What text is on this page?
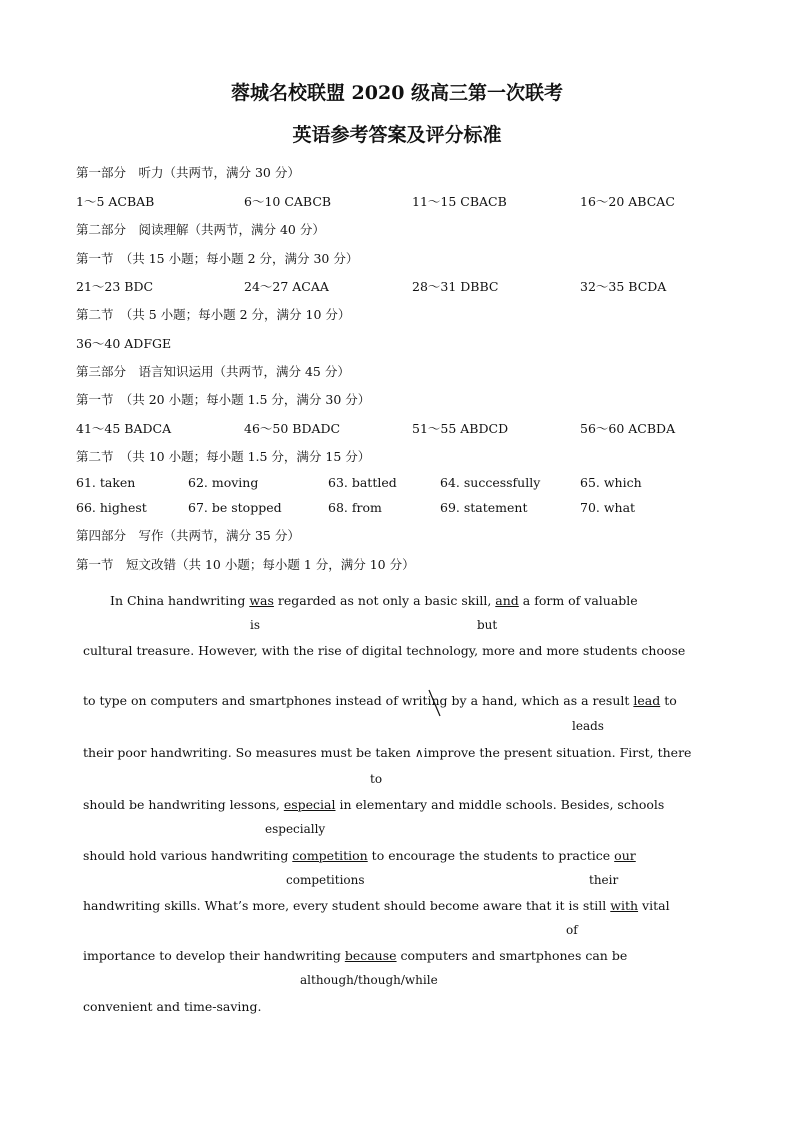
蓉城名校联盟 2020 级高三第一次联考
英语参考答案及评分标准
第一部分　听力（共两节，满分 30 分）
1～5 ACBAB	6～10 CABCB	11～15 CBACB	16～20 ABCAC
第二部分　阅读理解（共两节，满分 40 分）
第一节　（共 15 小题；每小题 2 分，满分 30 分）
21～23 BDC	24～27 ACAA	28～31 DBBC	32～35 BCDA
第二节　（共 5 小题；每小题 2 分，满分 10 分）
36～40 ADFGE
第三部分　语言知识运用（共两节，满分 45 分）
第一节　（共 20 小题；每小题 1.5 分，满分 30 分）
41～45 BADCA	46～50 BDADC	51～55 ABDCD	56～60 ACBDA
第二节　（共 10 小题；每小题 1.5 分，满分 15 分）
61. taken	62. moving	63. battled	64. successfully	65. which
66. highest	67. be stopped	68. from	69. statement	70. what
第四部分　写作（共两节，满分 35 分）
第一节　短文改错（共 10 小题；每小题 1 分，满分 10 分）
In China handwriting was regarded as not only a basic skill, and a form of valuable
is	but
cultural treasure. However, with the rise of digital technology, more and more students choose
to type on computers and smartphones instead of writing by a hand, which as a result lead to
leads
their poor handwriting. So measures must be taken ∧improve the present situation. First, there
to
should be handwriting lessons, especial in elementary and middle schools. Besides, schools
especially
should hold various handwriting competition to encourage the students to practice our
competitions	their
handwriting skills. What’s more, every student should become aware that it is still with vital
of
importance to develop their handwriting because computers and smartphones can be
although/though/while
convenient and time-saving.
